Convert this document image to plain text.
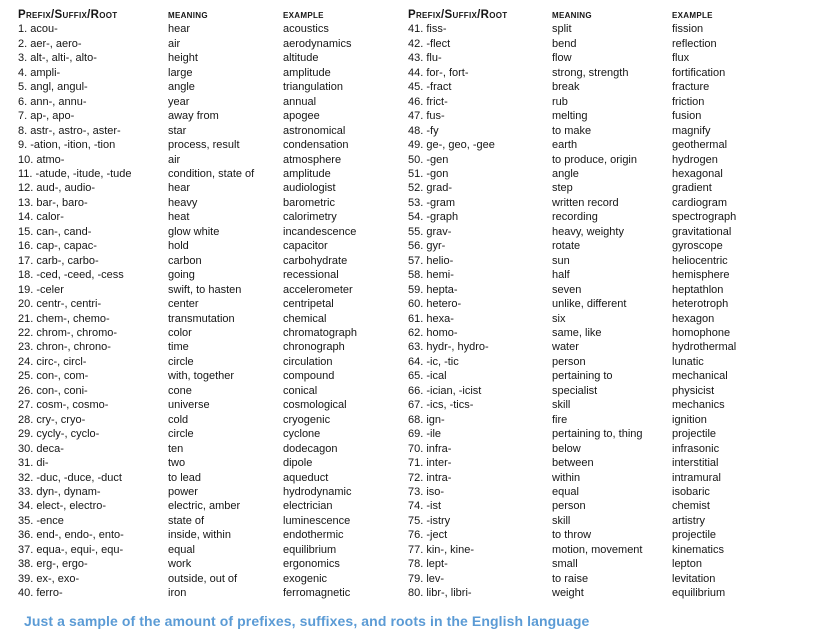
Prefix/Suffix/Root	meaning	example	Prefix/Suffix/Root	meaning	example
1. acou-	hear	acoustics	41. fiss-	split	fission
2. aer-, aero-	air	aerodynamics	42. -flect	bend	reflection
3. alt-, alti-, alto-	height	altitude	43. flu-	flow	flux
4. ampli-	large	amplitude	44. for-, fort-	strong, strength	fortification
5. angl, angul-	angle	triangulation	45. -fract	break	fracture
6. ann-, annu-	year	annual	46. frict-	rub	friction
7. ap-, apo-	away from	apogee	47. fus-	melting	fusion
8. astr-, astro-, aster-	star	astronomical	48. -fy	to make	magnify
9. -ation, -ition, -tion	process, result	condensation	49. ge-, geo, -gee	earth	geothermal
10. atmo-	air	atmosphere	50. -gen	to produce, origin	hydrogen
11. -atude, -itude, -tude	condition, state of	amplitude	51. -gon	angle	hexagonal
12. aud-, audio-	hear	audiologist	52. grad-	step	gradient
13. bar-, baro-	heavy	barometric	53. -gram	written record	cardiogram
14. calor-	heat	calorimetry	54. -graph	recording	spectrograph
15. can-, cand-	glow white	incandescence	55. grav-	heavy, weighty	gravitational
16. cap-, capac-	hold	capacitor	56. gyr-	rotate	gyroscope
17. carb-, carbo-	carbon	carbohydrate	57. helio-	sun	heliocentric
18. -ced, -ceed, -cess	going	recessional	58. hemi-	half	hemisphere
19. -celer	swift, to hasten	accelerometer	59. hepta-	seven	heptathlon
20. centr-, centri-	center	centripetal	60. hetero-	unlike, different	heterotroph
21. chem-, chemo-	transmutation	chemical	61. hexa-	six	hexagon
22. chrom-, chromo-	color	chromatograph	62. homo-	same, like	homophone
23. chron-, chrono-	time	chronograph	63. hydr-, hydro-	water	hydrothermal
24. circ-, circl-	circle	circulation	64. -ic, -tic	person	lunatic
25. con-, com-	with, together	compound	65. -ical	pertaining to	mechanical
26. con-, coni-	cone	conical	66. -ician, -icist	specialist	physicist
27. cosm-, cosmo-	universe	cosmological	67. -ics, -tics-	skill	mechanics
28. cry-, cryo-	cold	cryogenic	68. ign-	fire	ignition
29. cycly-, cyclo-	circle	cyclone	69. -ile	pertaining to, thing	projectile
30. deca-	ten	dodecagon	70. infra-	below	infrasonic
31. di-	two	dipole	71. inter-	between	interstitial
32. -duc, -duce, -duct	to lead	aqueduct	72. intra-	within	intramural
33. dyn-, dynam-	power	hydrodynamic	73. iso-	equal	isobaric
34. elect-, electro-	electric, amber	electrician	74. -ist	person	chemist
35. -ence	state of	luminescence	75. -istry	skill	artistry
36. end-, endo-, ento-	inside, within	endothermic	76. -ject	to throw	projectile
37. equa-, equi-, equ-	equal	equilibrium	77. kin-, kine-	motion, movement	kinematics
38. erg-, ergo-	work	ergonomics	78. lept-	small	lepton
39. ex-, exo-	outside, out of	exogenic	79. lev-	to raise	levitation
40. ferro-	iron	ferromagnetic	80. libr-, libri-	weight	equilibrium
Just a sample of the amount of prefixes, suffixes, and roots in the English language
